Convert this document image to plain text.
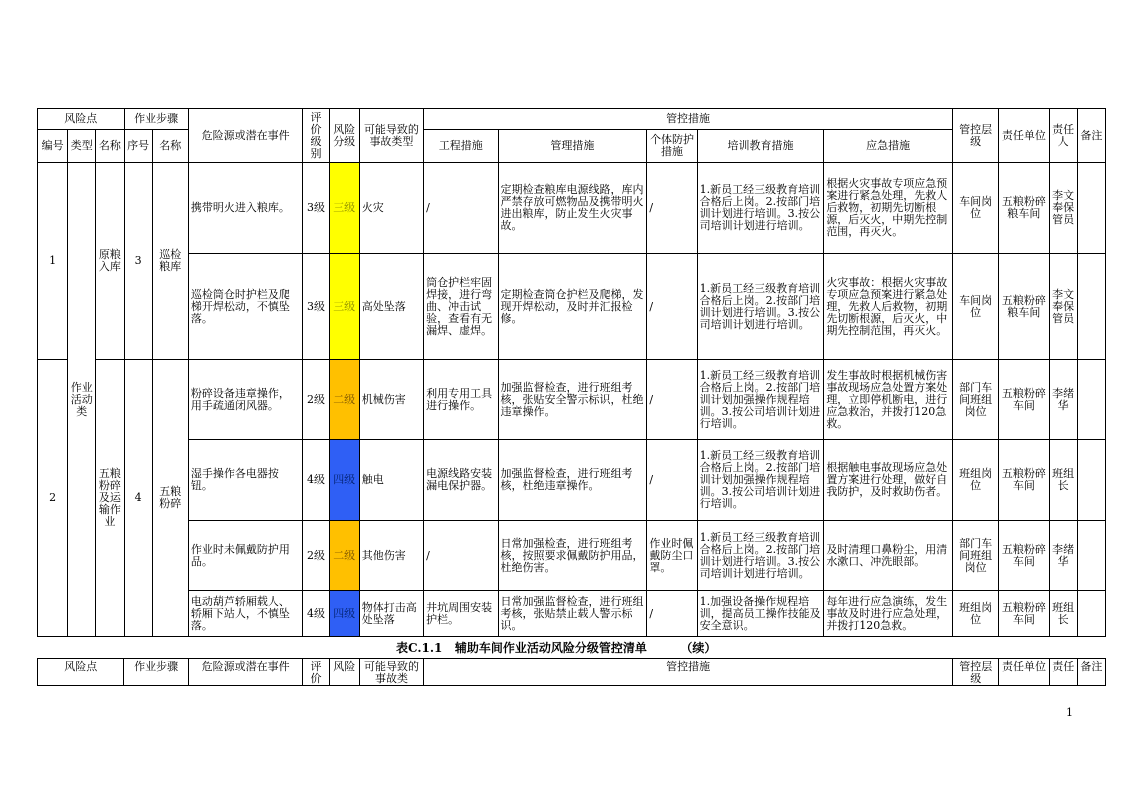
风险点			作业步骤		危险源或潜在事件	评价级别	风险分级	可能导致的事故类型	管控措施					管控层级	责任单位	责任人	备注
编号	类型	名称	序号	名称					工程措施	管理措施	个体防护措施	培训教育措施	应急措施				
1	作业活动类	原粮入库	3	巡检粮库	携带明火进入粮库。	3级	三级	火灾	/	定期检查粮库电源线路，库内严禁存放可燃物品及携带明火进出粮库，防止发生火灾事故。	/	1.新员工经三级教育培训合格后上岗。2.按部门培训计划进行培训。3.按公司培训计划进行培训。	根据火灾事故专项应急预案进行紧急处理，先救人后救物，初期先切断根源，后灭火，中期先控制范围，再灭火。	车间岗位	五粮粉碎粮车间	李文奉保管员	
					巡检筒仓时护栏及爬梯开焊松动，不慎坠落。	3级	三级	高处坠落	筒仓护栏牢固焊接，进行弯曲、冲击试验，查看有无漏焊、虚焊。	定期检查筒仓护栏及爬梯，发现开焊松动，及时并汇报检修。	/	1.新员工经三级教育培训合格后上岗。2.按部门培训计划进行培训。3.按公司培训计划进行培训。	火灾事故：根据火灾事故专项应急预案进行紧急处理，先救人后救物，初期先切断根源，后灭火，中期先控制范围，再灭火。	车间岗位	五粮粉碎粮车间	李文奉保管员	
2		五粮粉碎及运输作业	4	五粮粉碎	粉碎设备违章操作，用手疏通闭风器。	2级	二级	机械伤害	利用专用工具进行操作。	加强监督检查，进行班组考核，张贴安全警示标识，杜绝违章操作。	/	1.新员工经三级教育培训合格后上岗。2.按部门培训计划加强操作规程培训。3.按公司培训计划进行培训。	发生事故时根据机械伤害事故现场应急处置方案处理，立即停机断电，进行应急救治，并拨打120急救。	部门车间班组岗位	五粮粉碎车间	李绪华	
					湿手操作各电器按钮。	4级	四级	触电	电源线路安装漏电保护器。	加强监督检查，进行班组考核，杜绝违章操作。	/	1.新员工经三级教育培训合格后上岗。2.按部门培训计划加强操作规程培训。3.按公司培训计划进行培训。	根据触电事故现场应急处置方案进行处理，做好自我防护，及时救助伤者。	班组岗位	五粮粉碎车间	班组长	
					作业时未佩戴防护用品。	2级	二级	其他伤害	/	日常加强检查，进行班组考核，按照要求佩戴防护用品，杜绝伤害。	作业时佩戴防尘口罩。	1.新员工经三级教育培训合格后上岗。2.按部门培训计划进行培训。3.按公司培训计划进行培训。	及时清理口鼻粉尘，用清水漱口、冲洗眼部。	部门车间班组岗位	五粮粉碎车间	李绪华	
					电动葫芦轿厢载人、轿厢下站人，不慎坠落。	4级	四级	物体打击高处坠落	井坑周围安装护栏。	日常加强监督检查，进行班组考核，张贴禁止载人警示标识。	/	1.加强设备操作规程培训，提高员工操作技能及安全意识。	每年进行应急演练，发生事故及时进行应急处理，并拨打120急救。	班组岗位	五粮粉碎车间	班组长	
表C.1.1   辅助车间作业活动风险分级管控清单        （续）
风险点	作业步骤	危险源或潜在事件	评价	风险	可能导致的事故类	管控措施	管控层级	责任单位	责任	备注
1
